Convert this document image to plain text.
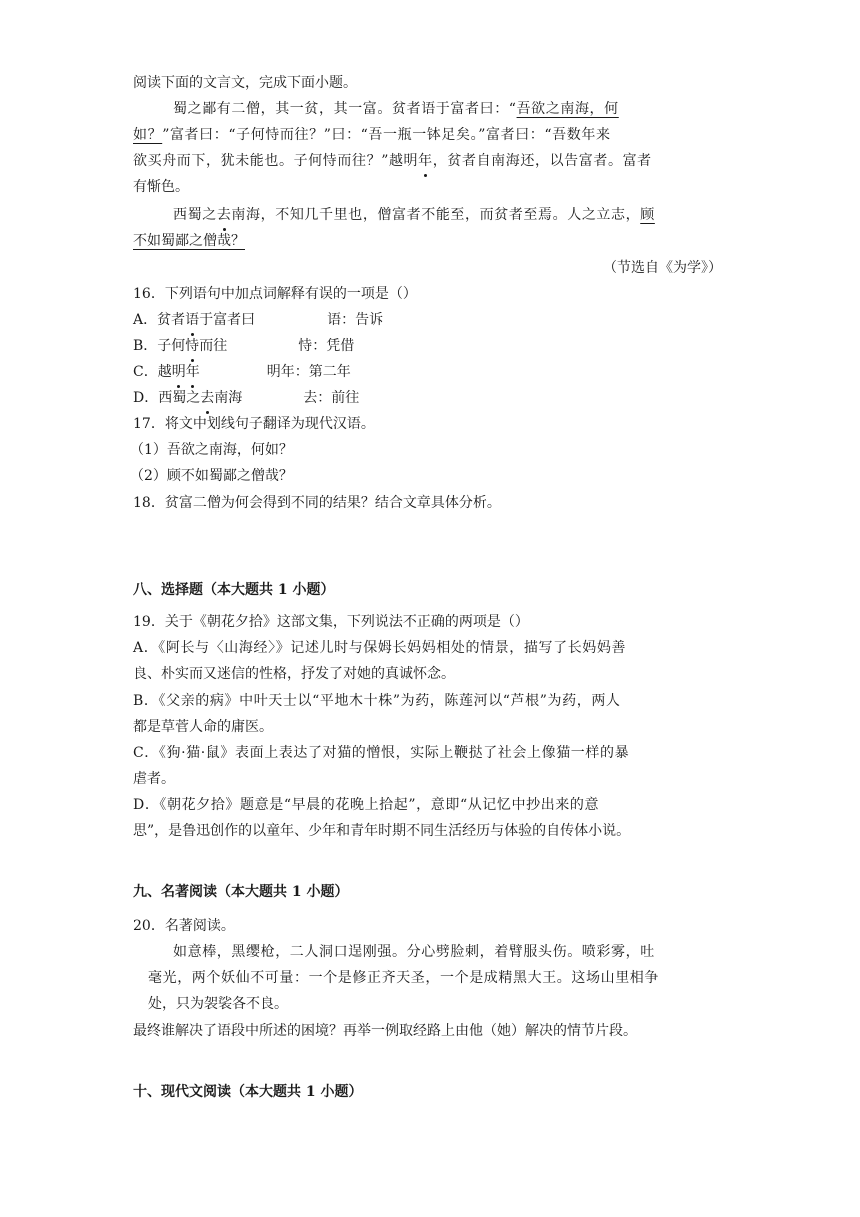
阅读下面的文言文，完成下面小题。
蜀之鄙有二僧，其一贫，其一富。贫者语于富者曰：“吾欲之南海，何
如？”富者曰：“子何恃而往？”曰：“吾一瓶一钵足矣。”富者曰：“吾数年来
欲买舟而下，犹未能也。子何恃而往？”越明年，贫者自南海还，以告富者。富者
有惭色。
西蜀之去南海，不知几千里也，僧富者不能至，而贫者至焉。人之立志，顾
不如蜀鄙之僧哉？
（节选自《为学》）
16．下列语句中加点词解释有误的一项是（）
A．贫者语于富者曰	语：告诉
B．子何恃而往	恃：凭借
C．越明年	明年：第二年
D．西蜀之去南海	去：前往
17．将文中划线句子翻译为现代汉语。
（1）吾欲之南海，何如？
（2）顾不如蜀鄙之僧哉？
18．贫富二僧为何会得到不同的结果？结合文章具体分析。
八、选择题（本大题共 1 小题）
19．关于《朝花夕拾》这部文集，下列说法不正确的两项是（）
A．《阿长与〈山海经〉》记述儿时与保姆长妈妈相处的情景，描写了长妈妈善
良、朴实而又迷信的性格，抒发了对她的真诚怀念。
B．《父亲的病》中叶天士以“平地木十株”为药，陈莲河以“芦根”为药，两人
都是草菅人命的庸医。
C．《狗·猫·鼠》表面上表达了对猫的憎恨，实际上鞭挞了社会上像猫一样的暴
虐者。
D．《朝花夕拾》题意是“早晨的花晚上拾起”，意即“从记忆中抄出来的意
思”，是鲁迅创作的以童年、少年和青年时期不同生活经历与体验的自传体小说。
九、名著阅读（本大题共 1 小题）
20．名著阅读。
如意棒，黑缨枪，二人洞口逞刚强。分心劈脸刺，着臂服头伤。喷彩雾，吐
毫光，两个妖仙不可量：一个是修正齐天圣，一个是成精黑大王。这场山里相争
处，只为袈裟各不良。
最终谁解决了语段中所述的困境？再举一例取经路上由他（她）解决的情节片段。
十、现代文阅读（本大题共 1 小题）
